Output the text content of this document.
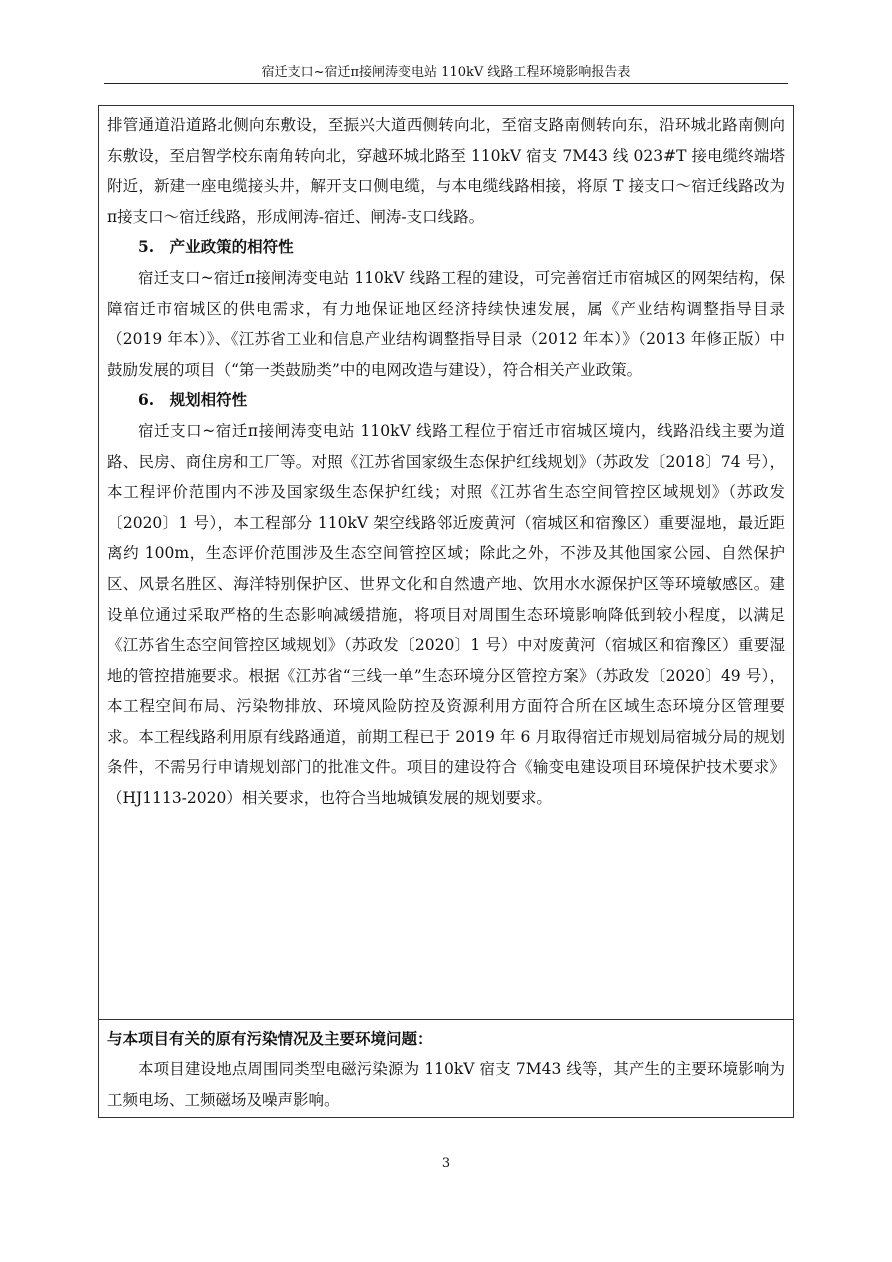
宿迁支口~宿迁π接闸涛变电站 110kV 线路工程环境影响报告表

排管通道沿道路北侧向东敷设，至振兴大道西侧转向北，至宿支路南侧转向东，沿环城北路南侧向东敷设，至启智学校东南角转向北，穿越环城北路至 110kV 宿支 7M43 线 023#T 接电缆终端塔附近，新建一座电缆接头井，解开支口侧电缆，与本电缆线路相接，将原 T 接支口～宿迁线路改为π接支口～宿迁线路，形成闸涛-宿迁、闸涛-支口线路。

5.　产业政策的相符性

宿迁支口~宿迁π接闸涛变电站 110kV 线路工程的建设，可完善宿迁市宿城区的网架结构，保障宿迁市宿城区的供电需求，有力地保证地区经济持续快速发展，属《产业结构调整指导目录（2019 年本）》、《江苏省工业和信息产业结构调整指导目录（2012 年本）》（2013 年修正版）中鼓励发展的项目（“第一类鼓励类”中的电网改造与建设），符合相关产业政策。

6.　规划相符性

宿迁支口~宿迁π接闸涛变电站 110kV 线路工程位于宿迁市宿城区境内，线路沿线主要为道路、民房、商住房和工厂等。对照《江苏省国家级生态保护红线规划》（苏政发〔2018〕74 号），本工程评价范围内不涉及国家级生态保护红线；对照《江苏省生态空间管控区域规划》（苏政发〔2020〕1 号），本工程部分 110kV 架空线路邻近废黄河（宿城区和宿豫区）重要湿地，最近距离约 100m，生态评价范围涉及生态空间管控区域；除此之外，不涉及其他国家公园、自然保护区、风景名胜区、海洋特别保护区、世界文化和自然遗产地、饮用水水源保护区等环境敏感区。建设单位通过采取严格的生态影响减缓措施，将项目对周围生态环境影响降低到较小程度，以满足《江苏省生态空间管控区域规划》（苏政发〔2020〕1 号）中对废黄河（宿城区和宿豫区）重要湿地的管控措施要求。根据《江苏省“三线一单”生态环境分区管控方案》（苏政发〔2020〕49 号），本工程空间布局、污染物排放、环境风险防控及资源利用方面符合所在区域生态环境分区管理要求。本工程线路利用原有线路通道，前期工程已于 2019 年 6 月取得宿迁市规划局宿城分局的规划条件，不需另行申请规划部门的批准文件。项目的建设符合《输变电建设项目环境保护技术要求》（HJ1113-2020）相关要求，也符合当地城镇发展的规划要求。

与本项目有关的原有污染情况及主要环境问题：

本项目建设地点周围同类型电磁污染源为 110kV 宿支 7M43 线等，其产生的主要环境影响为工频电场、工频磁场及噪声影响。

3
